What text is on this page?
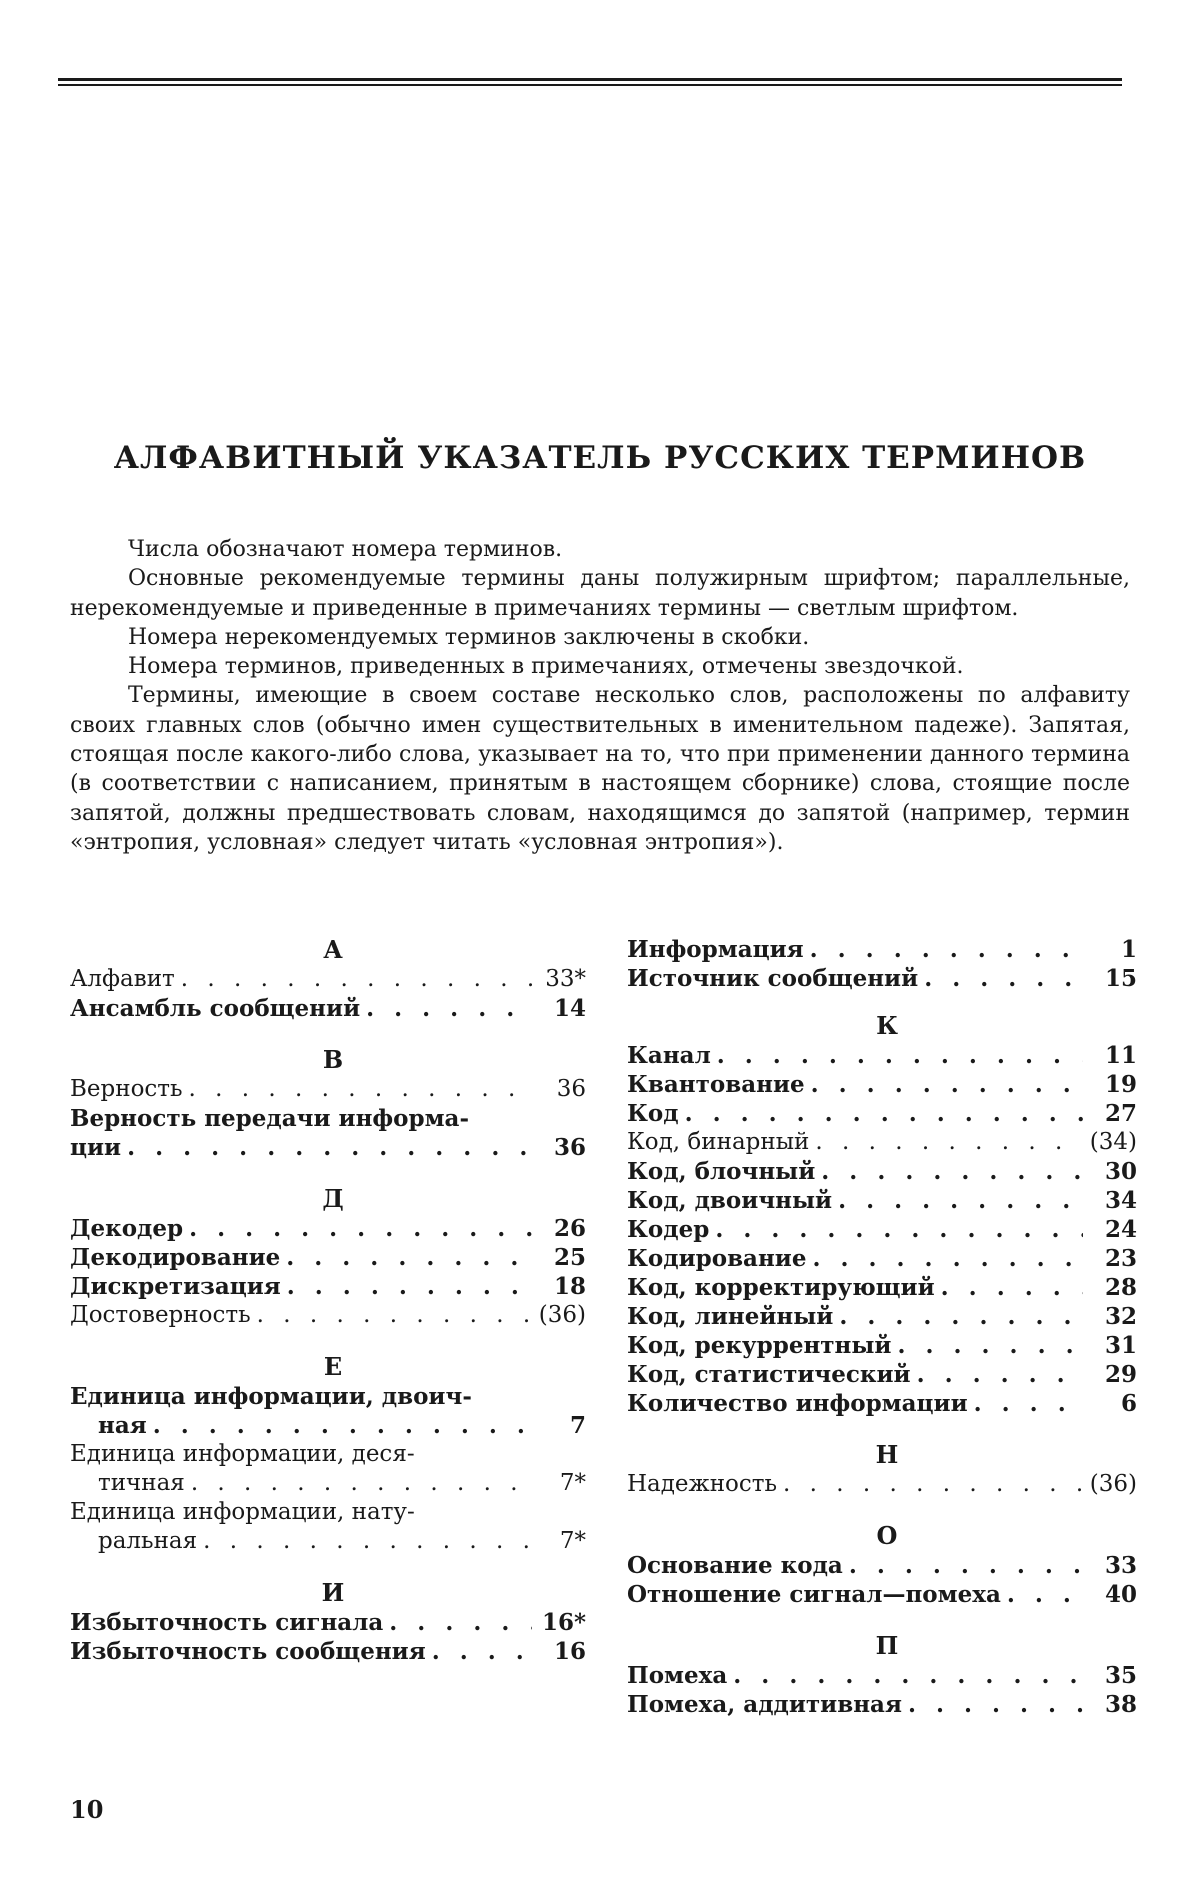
АЛФАВИТНЫЙ УКАЗАТЕЛЬ РУССКИХ ТЕРМИНОВ

Числа обозначают номера терминов.

Основные рекомендуемые термины даны полужирным шрифтом; параллельные, нерекомендуемые и приведенные в примечаниях термины — светлым шрифтом.

Номера нерекомендуемых терминов заключены в скобки.

Номера терминов, приведенных в примечаниях, отмечены звездочкой.

Термины, имеющие в своем составе несколько слов, расположены по алфавиту своих главных слов (обычно имен существительных в именительном падеже). Запятая, стоящая после какого-либо слова, указывает на то, что при применении данного термина (в соответствии с написанием, принятым в настоящем сборнике) слова, стоящие после запятой, должны предшествовать словам, находящимся до запятой (например, термин «энтропия, условная» следует читать «условная энтропия»).

А

Алфавит
. . .	33*
Ансамбль сообщений
. . .	14

В

Верность
. . .	36
Верность передачи информа-
ции
. . .	36

Д

Декодер
. . .	26
Декодирование
. . .	25
Дискретизация
. . .	18
Достоверность
. . .	(36)

Е

Единица информации, двоич-
ная
. . .	7
Единица информации, деся-
тичная
. . .	7*
Единица информации, нату-
ральная
. . .	7*

И

Избыточность сигнала
. . .	16*
Избыточность сообщения
. . .	16
Информация
. . .	1
Источник сообщений
. . .	15

К

Канал
. . .	11
Квантование
. . .	19
Код
. . .	27
Код, бинарный
. . .	(34)
Код, блочный
. . .	30
Код, двоичный
. . .	34
Кодер
. . .	24
Кодирование
. . .	23
Код, корректирующий
. . .	28
Код, линейный
. . .	32
Код, рекуррентный
. . .	31
Код, статистический
. . .	29
Количество информации
. . .	6

Н

Надежность
. . .	(36)

О

Основание кода
. . .	33
Отношение сигнал—помеха
. . .	40

П

Помеха
. . .	35
Помеха, аддитивная
. . .	38
10
